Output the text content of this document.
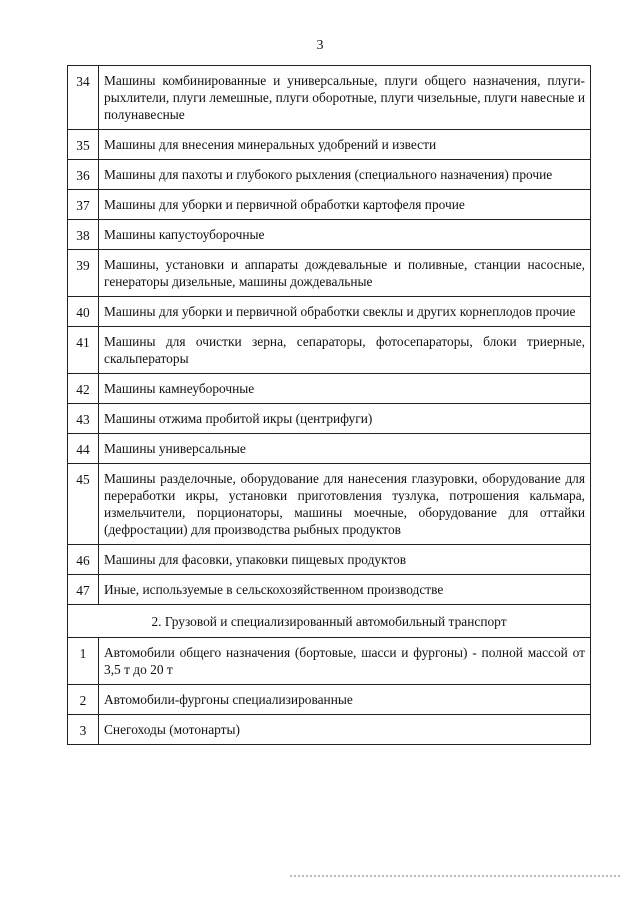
3
34	Машины комбинированные и универсальные, плуги общего назначения, плуги-рыхлители, плуги лемешные, плуги оборотные, плуги чизельные, плуги навесные и полунавесные
35	Машины для внесения минеральных удобрений и извести
36	Машины для пахоты и глубокого рыхления (специального назначения) прочие
37	Машины для уборки и первичной обработки картофеля прочие
38	Машины капустоуборочные
39	Машины, установки и аппараты дождевальные и поливные, станции насосные, генераторы дизельные, машины дождевальные
40	Машины для уборки и первичной обработки свеклы и других корнеплодов прочие
41	Машины для очистки зерна, сепараторы, фотосепараторы, блоки триерные, скальператоры
42	Машины камнеуборочные
43	Машины отжима пробитой икры (центрифуги)
44	Машины универсальные
45	Машины разделочные, оборудование для нанесения глазуровки, оборудование для переработки икры, установки приготовления тузлука, потрошения кальмара, измельчители, порционаторы, машины моечные, оборудование для оттайки (дефростации) для производства рыбных продуктов
46	Машины для фасовки, упаковки пищевых продуктов
47	Иные, используемые в сельскохозяйственном производстве
2. Грузовой и специализированный автомобильный транспорт	
1	Автомобили общего назначения (бортовые, шасси и фургоны) - полной массой от 3,5 т до 20 т
2	Автомобили-фургоны специализированные
3	Снегоходы (мотонарты)
